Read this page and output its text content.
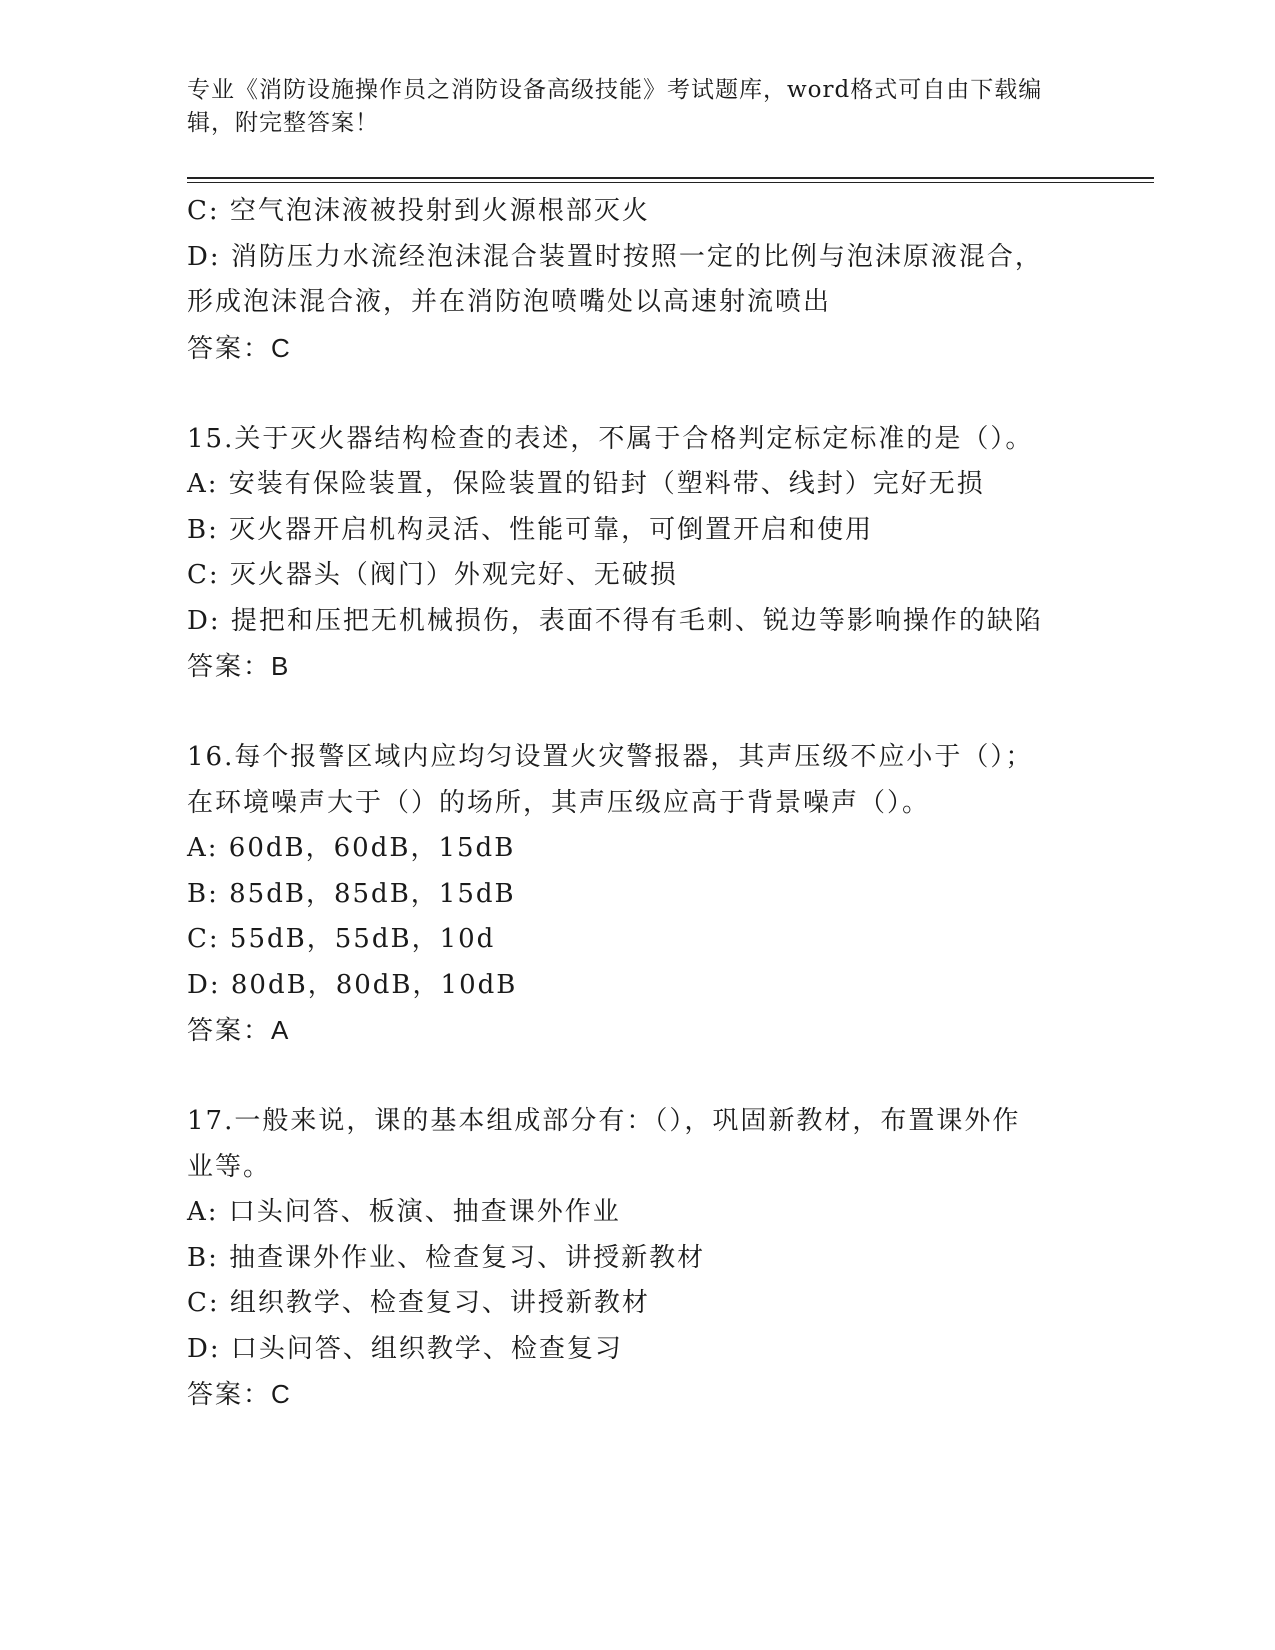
专业《消防设施操作员之消防设备高级技能》考试题库，word格式可自由下载编
辑，附完整答案！
C: 空气泡沫液被投射到火源根部灭火
D: 消防压力水流经泡沫混合装置时按照一定的比例与泡沫原液混合，
形成泡沫混合液，并在消防泡喷嘴处以高速射流喷出
答案：C
15.关于灭火器结构检查的表述，不属于合格判定标定标准的是（）。
A: 安装有保险装置，保险装置的铅封（塑料带、线封）完好无损
B: 灭火器开启机构灵活、性能可靠，可倒置开启和使用
C: 灭火器头（阀门）外观完好、无破损
D: 提把和压把无机械损伤，表面不得有毛刺、锐边等影响操作的缺陷
答案：B
16.每个报警区域内应均匀设置火灾警报器，其声压级不应小于（）；
在环境噪声大于（）的场所，其声压级应高于背景噪声（）。
A: 60dB，60dB，15dB
B: 85dB，85dB，15dB
C: 55dB，55dB，10d
D: 80dB，80dB，10dB
答案：A
17.一般来说，课的基本组成部分有：（），巩固新教材，布置课外作
业等。
A: 口头问答、板演、抽查课外作业
B: 抽查课外作业、检查复习、讲授新教材
C: 组织教学、检查复习、讲授新教材
D: 口头问答、组织教学、检查复习
答案：C
